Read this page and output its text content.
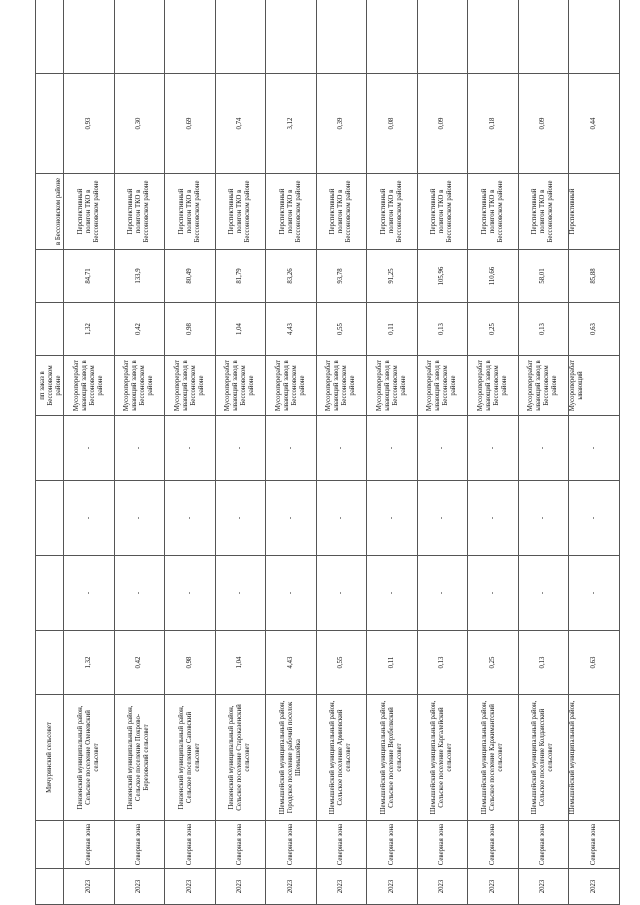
		Мичуринский сельсовет					пп заказ в Бессоновском районе			в Бессоновском районе		
2023	Северная зона	Пензенский муниципальный район, Сельское поселение Оленевский сельсовет	1,32	-	-	-	Мусороперерабатывающий завод в Бессоновском районе	1,32	84,71	Перспективный полигон ТКО в Бессоновском районе	0,93	
2023	Северная зона	Пензенский муниципальный район, Сельское поселение Покрово-Березовский сельсовет	0,42	-	-	-	Мусороперерабатывающий завод в Бессоновском районе	0,42	133,9	Перспективный полигон ТКО в Бессоновском районе	0,30	
2023	Северная зона	Пензенский муниципальный район, Сельское поселение Саповский сельсовет	0,98	-	-	-	Мусороперерабатывающий завод в Бессоновском районе	0,98	80,49	Перспективный полигон ТКО в Бессоновском районе	0,69	
2023	Северная зона	Пензенский муниципальный район, Сельское поселение Староказенский сельсовет	1,04	-	-	-	Мусороперерабатывающий завод в Бессоновском районе	1,04	81,79	Перспективный полигон ТКО в Бессоновском районе	0,74	
2023	Северная зона	Шемышейский муниципальный район, Городское поселение рабочий поселок Шемышейка	4,43	-	-	-	Мусороперерабатывающий завод в Бессоновском районе	4,43	83,26	Перспективный полигон ТКО в Бессоновском районе	3,12	
2023	Северная зона	Шемышейский муниципальный район, Сельское поселение Армиевский сельсовет	0,55	-	-	-	Мусороперерабатывающий завод в Бессоновском районе	0,55	93,78	Перспективный полигон ТКО в Бессоновском районе	0,39	
2023	Северная зона	Шемышейский муниципальный район, Сельское поселение Верхбелкский сельсовет	0,11	-	-	-	Мусороперерабатывающий завод в Бессоновском районе	0,11	91,25	Перспективный полигон ТКО в Бессоновском районе	0,08	
2023	Северная зона	Шемышейский муниципальный район, Сельское поселение Каргалейский сельсовет	0,13	-	-	-	Мусороперерабатывающий завод в Бессоновском районе	0,13	105,96	Перспективный полигон ТКО в Бессоновском районе	0,09	
2023	Северная зона	Шемышейский муниципальный район, Сельское поселение Каржимантский сельсовет	0,25	-	-	-	Мусороперерабатывающий завод в Бессоновском районе	0,25	110,66	Перспективный полигон ТКО в Бессоновском районе	0,18	
2023	Северная зона	Шемышейский муниципальный район, Сельское поселение Колдаисский сельсовет	0,13	-	-	-	Мусороперерабатывающий завод в Бессоновском районе	0,13	58,01	Перспективный полигон ТКО в Бессоновском районе	0,09	
2023	Северная зона	Шемышейский муниципальный район,	0,63	-	-	-	Мусороперерабатывающий	0,63	85,88	Перспективный	0,44	
